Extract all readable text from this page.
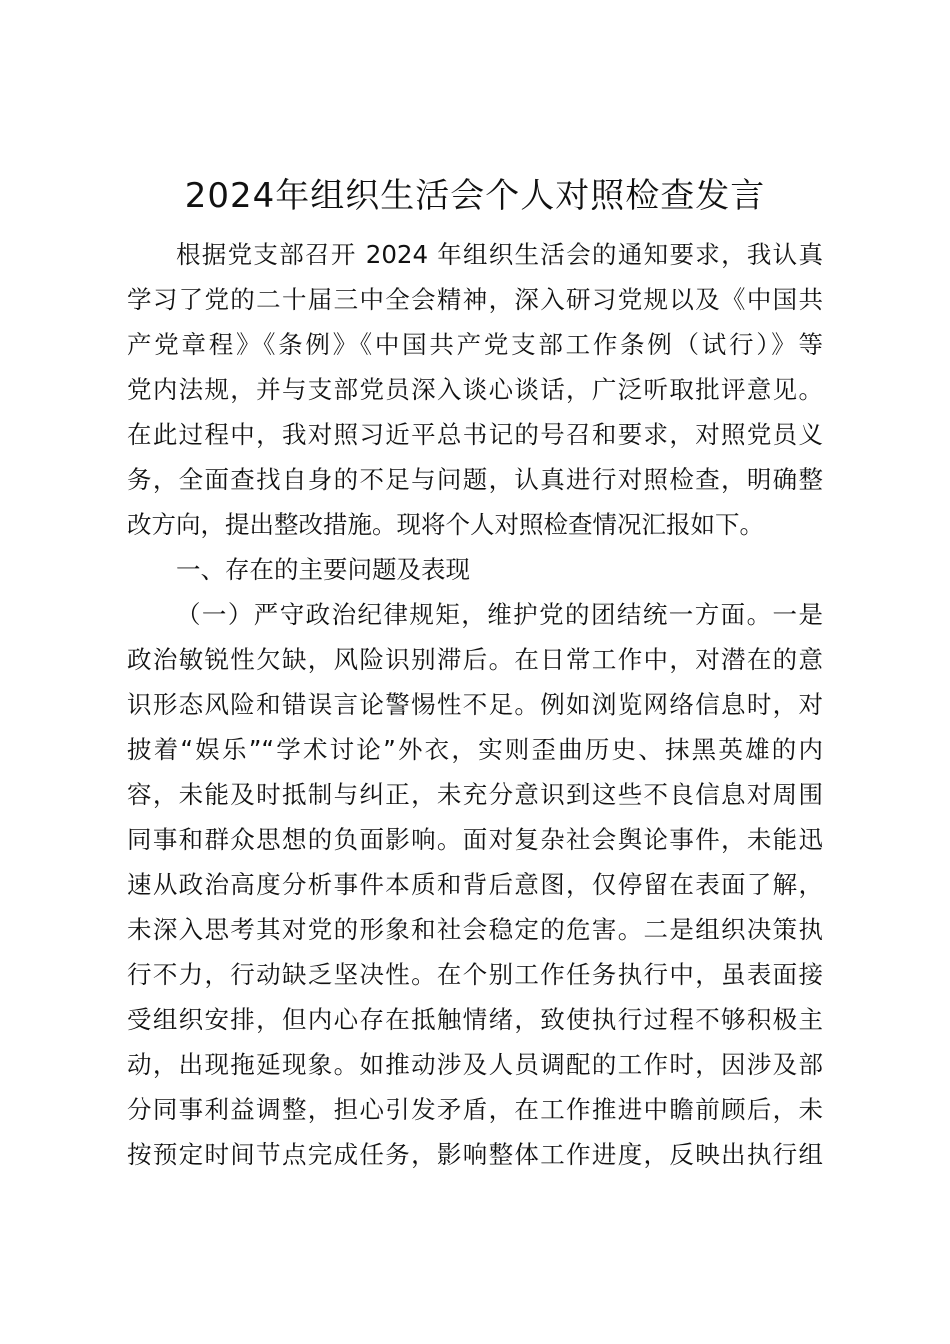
2024年组织生活会个人对照检查发言
根据党支部召开 2024 年组织生活会的通知要求，我认真
学习了党的二十届三中全会精神，深入研习党规以及《中国共
产党章程》《条例》《中国共产党支部工作条例（试行）》等
党内法规，并与支部党员深入谈心谈话，广泛听取批评意见。
在此过程中，我对照习近平总书记的号召和要求，对照党员义
务，全面查找自身的不足与问题，认真进行对照检查，明确整
改方向，提出整改措施。现将个人对照检查情况汇报如下。
一、存在的主要问题及表现
（一）严守政治纪律规矩，维护党的团结统一方面。一是
政治敏锐性欠缺，风险识别滞后。在日常工作中，对潜在的意
识形态风险和错误言论警惕性不足。例如浏览网络信息时，对
披着“娱乐”“学术讨论”外衣，实则歪曲历史、抹黑英雄的内
容，未能及时抵制与纠正，未充分意识到这些不良信息对周围
同事和群众思想的负面影响。面对复杂社会舆论事件，未能迅
速从政治高度分析事件本质和背后意图，仅停留在表面了解，
未深入思考其对党的形象和社会稳定的危害。二是组织决策执
行不力，行动缺乏坚决性。在个别工作任务执行中，虽表面接
受组织安排，但内心存在抵触情绪，致使执行过程不够积极主
动，出现拖延现象。如推动涉及人员调配的工作时，因涉及部
分同事利益调整，担心引发矛盾，在工作推进中瞻前顾后，未
按预定时间节点完成任务，影响整体工作进度，反映出执行组
